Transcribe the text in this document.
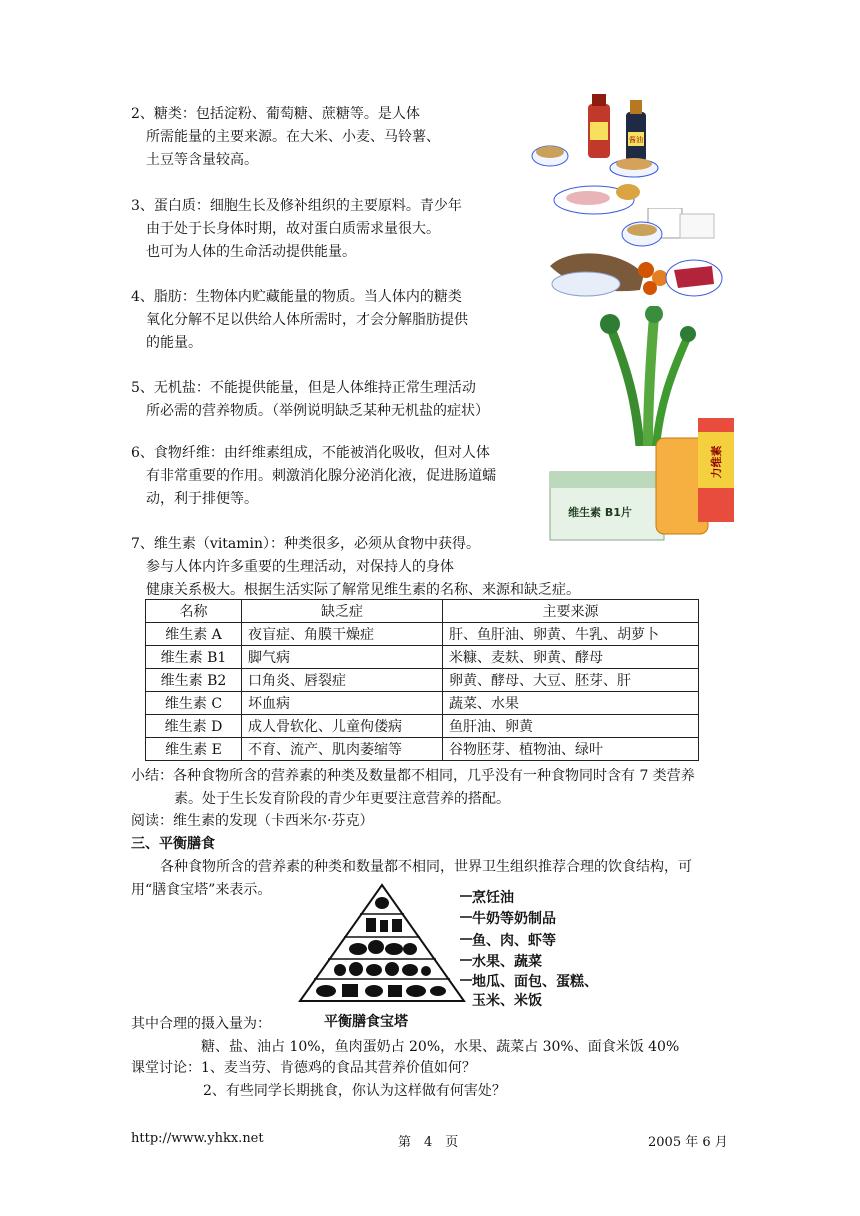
2、糖类：包括淀粉、葡萄糖、蔗糖等。是人体
所需能量的主要来源。在大米、小麦、马铃薯、
土豆等含量较高。
3、蛋白质：细胞生长及修补组织的主要原料。青少年
由于处于长身体时期，故对蛋白质需求量很大。
也可为人体的生命活动提供能量。
4、脂肪：生物体内贮藏能量的物质。当人体内的糖类
氧化分解不足以供给人体所需时，才会分解脂肪提供
的能量。
5、无机盐：不能提供能量，但是人体维持正常生理活动
所必需的营养物质。（举例说明缺乏某种无机盐的症状）
6、食物纤维：由纤维素组成，不能被消化吸收，但对人体
有非常重要的作用。刺激消化腺分泌消化液，促进肠道蠕
动，利于排便等。
7、维生素（vitamin）：种类很多，必须从食物中获得。
参与人体内许多重要的生理活动，对保持人的身体
健康关系极大。根据生活实际了解常见维生素的名称、来源和缺乏症。
酱油
维生素 B1片
力维素
名称	缺乏症	主要来源
维生素 A	夜盲症、角膜干燥症	肝、鱼肝油、卵黄、牛乳、胡萝卜
维生素 B1	脚气病	米糠、麦麸、卵黄、酵母
维生素 B2	口角炎、唇裂症	卵黄、酵母、大豆、胚芽、肝
维生素 C	坏血病	蔬菜、水果
维生素 D	成人骨软化、儿童佝偻病	鱼肝油、卵黄
维生素 E	不育、流产、肌肉萎缩等	谷物胚芽、植物油、绿叶
小结：各种食物所含的营养素的种类及数量都不相同，几乎没有一种食物同时含有 7 类营养
素。处于生长发育阶段的青少年更要注意营养的搭配。
阅读：维生素的发现（卡西米尔·芬克）
三、平衡膳食
各种食物所含的营养素的种类和数量都不相同，世界卫生组织推荐合理的饮食结构，可
用“膳食宝塔”来表示。	烹饪油
牛奶等奶制品
鱼、肉、虾等
水果、蔬菜
地瓜、面包、蛋糕、
玉米、米饭
平衡膳食宝塔
其中合理的摄入量为：
糖、盐、油占 10%，鱼肉蛋奶占 20%，水果、蔬菜占 30%、面食米饭 40%
课堂讨论：1、麦当劳、肯德鸡的食品其营养价值如何？
2、有些同学长期挑食，你认为这样做有何害处？
http://www.yhkx.net	第　4　页	2005 年 6 月
